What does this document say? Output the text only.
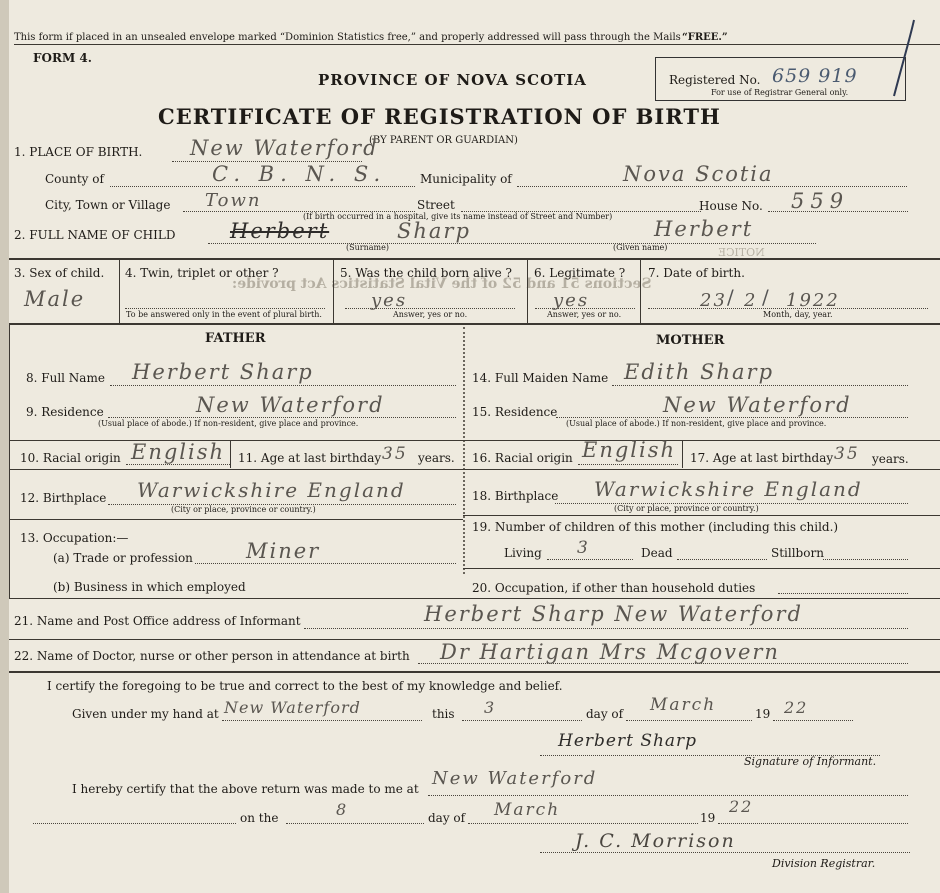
NOTICE
Sections 51 and 52 of the Vital Statistics Act provide:
This form if placed in an unsealed envelope marked “Dominion Statistics free,” and properly addressed will pass through the Mails “FREE.”
FORM 4.
PROVINCE OF NOVA SCOTIA	Registered No. 659 919
For use of Registrar General only.
CERTIFICATE OF REGISTRATION OF BIRTH
(BY PARENT OR GUARDIAN)
1. PLACE OF BIRTH. New Waterford
County of	C. B. N. S.	Municipality of	Nova Scotia
City, Town or Village Town	Street	House No. 559
(If birth occurred in a hospital, give its name instead of Street and Number)
2. FULL NAME OF CHILD	Herbert	Sharp	Herbert
(Surname)	(Given name)
3. Sex of child.
Male
4. Twin, triplet or other ?
To be answered only in the event of plural birth.
5. Was the child born alive ?
yes
Answer, yes or no.
6. Legitimate ?
yes
Answer, yes or no.
7. Date of birth.
23 / 2 / 1922
Month, day, year.
FATHER	MOTHER
8. Full Name Herbert Sharp
9. Residence	New Waterford
(Usual place of abode.) If non-resident, give place and province.
10. Racial origin English 11. Age at last birthday 35 years.
12. Birthplace Warwickshire England
(City or place, province or country.)
13. Occupation:—
(a) Trade or profession	Miner
(b) Business in which employed
14. Full Maiden Name Edith Sharp
15. Residence	New Waterford
(Usual place of abode.) If non-resident, give place and province.
16. Racial origin English 17. Age at last birthday 35 years.
18. Birthplace Warwickshire England
(City or place, province or country.)
19. Number of children of this mother (including this child.)
Living 3	Dead	Stillborn
20. Occupation, if other than household duties
21. Name and Post Office address of Informant	Herbert Sharp New Waterford
22. Name of Doctor, nurse or other person in attendance at birth Dr Hartigan Mrs Mcgovern
I certify the foregoing to be true and correct to the best of my knowledge and belief.
Given under my hand at New Waterford	this 3	day of March	19 22
Herbert Sharp
Signature of Informant.
I hereby certify that the above return was made to me at New Waterford
on the	8	day of March	19
22
J. C. Morrison
Division Registrar.
